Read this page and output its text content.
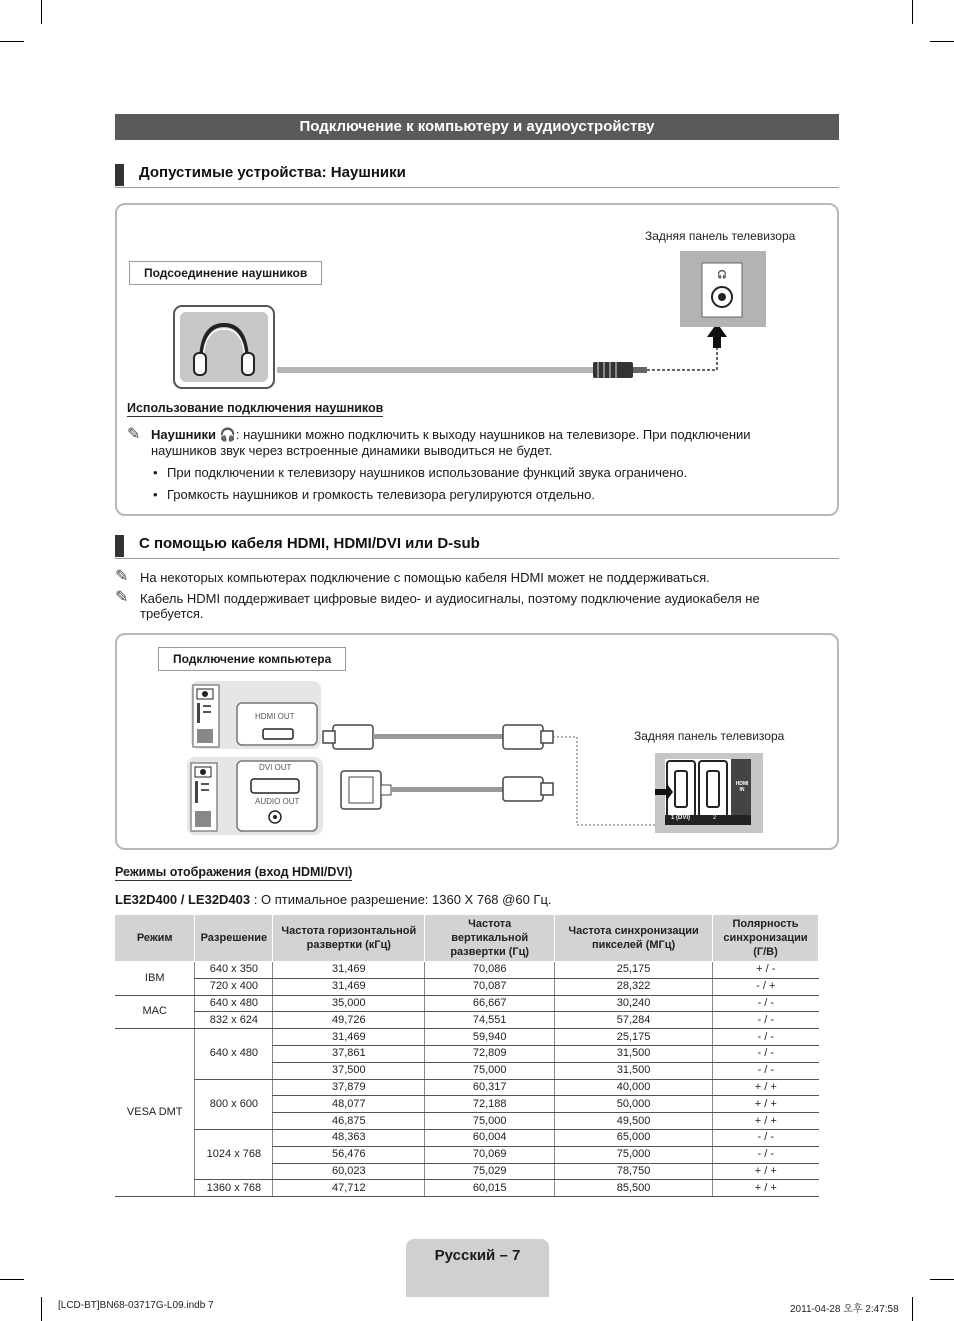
Подключение к компьютеру и аудиоустройству
Допустимые устройства: Наушники
Задняя панель телевизора
Подсоединение наушников	🎧
Использование подключения наушников
✎ Наушники 🎧: наушники можно подключить к выходу наушников на телевизоре. При подключении
наушников звук через встроенные динамики выводиться не будет.
• При подключении к телевизору наушников использование функций звука ограничено.
• Громкость наушников и громкость телевизора регулируются отдельно.
С помощью кабеля HDMI, HDMI/DVI или D-sub
✎ На некоторых компьютерах подключение с помощью кабеля HDMI может не поддерживаться.
✎ Кабель HDMI поддерживает цифровые видео- и аудиосигналы, поэтому подключение аудиокабеля не
требуется.
Подключение компьютера
Задняя панель телевизора
HDMI OUT
DVI OUT
AUDIO OUT
HDMI IN
1 (DVI)	2
Режимы отображения (вход HDMI/DVI)
LE32D400 / LE32D403 : О птимальное разрешение: 1360 X 768 @60 Гц.
Режим	Разрешение	Частота горизонтальной развертки (кГц)	Частота вертикальной развертки (Гц)	Частота синхронизации пикселей (МГц)	Полярность синхронизации (Г/В)
IBM	640 x 350	31,469	70,086	25,175	+ / -
	720 x 400	31,469	70,087	28,322	- / +
MAC	640 x 480	35,000	66,667	30,240	- / -
	832 x 624	49,726	74,551	57,284	- / -
VESA DMT	640 x 480	31,469	59,940	25,175	- / -
		37,861	72,809	31,500	- / -
		37,500	75,000	31,500	- / -
	800 x 600	37,879	60,317	40,000	+ / +
		48,077	72,188	50,000	+ / +
		46,875	75,000	49,500	+ / +
	1024 x 768	48,363	60,004	65,000	- / -
		56,476	70,069	75,000	- / -
		60,023	75,029	78,750	+ / +
	1360 x 768	47,712	60,015	85,500	+ / +
Русский – 7
[LCD-BT]BN68-03717G-L09.indb 7	2011-04-28 오후 2:47:58
